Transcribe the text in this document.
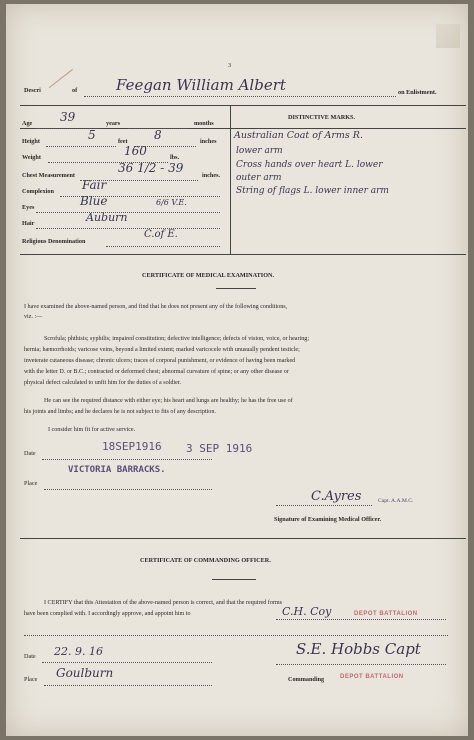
3
Descri	of	Feegan William Albert	on Enlistment.
DISTINCTIVE MARKS.
Age 39	years	months
Height	5	feet 8	inches
Weight	160	lbs.
Chest Measurement
36 1/2 - 39
inches.
Complexion Fair
Eyes	Blue	6/6 V.E.
Hair	Auburn
Religious Denomination
C.of E.
Australian Coat of Arms R.
lower arm
Cross hands over heart L. lower
outer arm
String of flags L. lower inner arm
CERTIFICATE OF MEDICAL EXAMINATION.
I have examined the above-named person, and find that he does not present any of the following conditions,
viz. :—
Scrofula; phthisis; syphilis; impaired constitution; defective intelligence; defects of vision, voice, or hearing;
hernia; hæmorrhoids; varicose veins, beyond a limited extent; marked varicocele with unusually pendent testicle;
inveterate cutaneous disease; chronic ulcers; traces of corporal punishment, or evidence of having been marked
with the letter D. or B.C.; contracted or deformed chest; abnormal curvature of spine; or any other disease or
physical defect calculated to unfit him for the duties of a soldier.
He can see the required distance with either eye; his heart and lungs are healthy; he has the free use of
his joints and limbs; and he declares he is not subject to fits of any description.
I consider him fit for active service.
Date
18SEP1916 3 SEP 1916
Place
VICTORIA BARRACKS.
C.Ayres	Capt. A.A.M.C.
Signature of Examining Medical Officer.
CERTIFICATE OF COMMANDING OFFICER.
I CERTIFY that this Attestation of the above-named person is correct, and that the required forms
have been complied with. I accordingly approve, and appoint him to	C.H. Coy	DEPOT BATTALION
Date 22. 9. 16	S.E. Hobbs Capt
Place Goulburn	Commanding	DEPOT BATTALION
